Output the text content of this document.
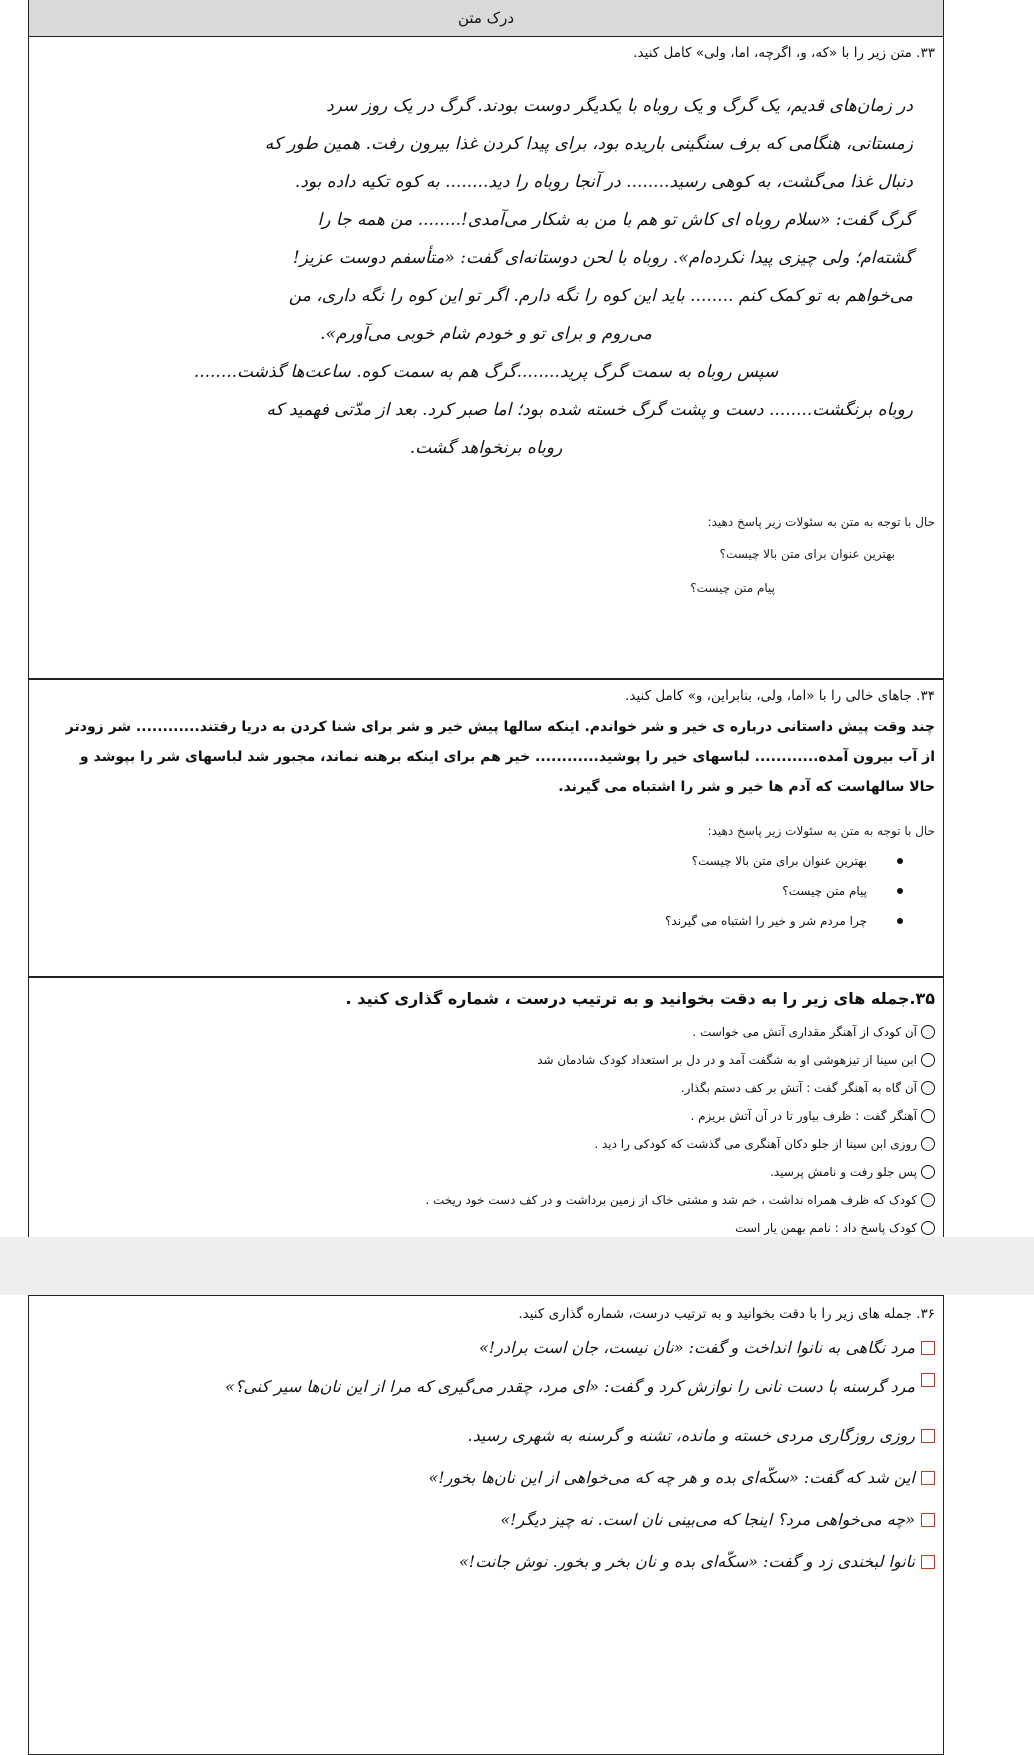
درک متن

۳۳. متن زیر را با «که، و، اگرچه، اما، ولی» کامل کنید.

در زمان‌های قدیم، یک گرگ و یک روباه با یکدیگر دوست بودند. گرگ در یک روز سرد

زمستانی، هنگامی که برف سنگینی باریده بود، برای پیدا کردن غذا بیرون رفت. همین طور که

دنبال غذا می‌گشت، به کوهی رسید........ در آنجا روباه را دید........ به کوه تکیه داده بود.

گرگ گفت: «سلام روباه ای کاش تو هم با من به شکار می‌آمدی!........ من همه جا را

گشته‌ام؛ ولی چیزی پیدا نکرده‌ام». روباه با لحن دوستانه‌ای گفت: «متأسفم دوست عزیز!

می‌خواهم به تو کمک کنم ........ باید این کوه را نگه دارم. اگر تو این کوه را نگه داری، من

می‌روم و برای تو و خودم شام خوبی می‌آورم».

سپس روباه به سمت گرگ پرید........گرگ هم به سمت کوه. ساعت‌ها گذشت........

روباه برنگشت........ دست و پشت گرگ خسته شده بود؛ اما صبر کرد. بعد از مدّتی فهمید که

روباه برنخواهد گشت.

حال با توجه به متن به سئولات زیر پاسخ دهید:
بهترین عنوان برای متن بالا چیست؟
پیام متن چیست؟

۳۴. جاهای خالی را با «اما، ولی، بنابراین، و» کامل کنید.

چند وقت پیش داستانی درباره ی خیر و شر خواندم. اینکه سالها پیش خیر و شر برای شنا کردن به دریا رفتند............ شر زودتر
از آب بیرون آمده............ لباسهای خیر را پوشید............ خیر هم برای اینکه برهنه نماند، مجبور شد لباسهای شر را بپوشد و
حالا سالهاست که آدم ها خیر و شر را اشتباه می گیرند.
حال با توجه به متن به سئولات زیر پاسخ دهید:
بهترین عنوان برای متن بالا چیست؟
پیام متن چیست؟
چرا مردم شر و خیر را اشتباه می گیرند؟

۳۵.جمله های زیر را به دقت بخوانید و به ترتیب درست ، شماره گذاری کنید .

آن کودک از آهنگر مقداری آتش می خواست .
ابن سینا از تیزهوشی او به شگفت آمد و در دل بر استعداد کودک شادمان شد
آن گاه به آهنگر گفت : آتش بر کف دستم بگذار.
آهنگر گفت : ظرف بیاور تا در آن آتش بریزم .
روزی ابن سینا از جلو دکان آهنگری می گذشت که کودکی را دید .
پس جلو رفت و نامش پرسید.
کودک که ظرف همراه نداشت ، خم شد و مشتی خاک از زمین برداشت و در کف دست خود ریخت .
کودک پاسخ داد : نامم بهمن یار است

۳۶. جمله های زیر را با دقت بخوانید و به ترتیب درست، شماره گذاری کنید.

مرد نگاهی به نانوا انداخت و گفت: «نان نیست، جان است برادر!»
مرد گرسنه با دست نانی را نوازش کرد و گفت: «ای مرد، چقدر می‌گیری که مرا از این نان‌ها سیر کنی؟»
روزی روزگاری مردی خسته و مانده، تشنه و گرسنه به شهری رسید.
این شد که گفت: «سکّه‌ای بده و هر چه که می‌خواهی از این نان‌ها بخور!»
«چه می‌خواهی مرد؟ اینجا که می‌بینی نان است. نه چیز دیگر!»
نانوا لبخندی زد و گفت: «سکّه‌ای بده و نان بخر و بخور. نوش جانت!»
